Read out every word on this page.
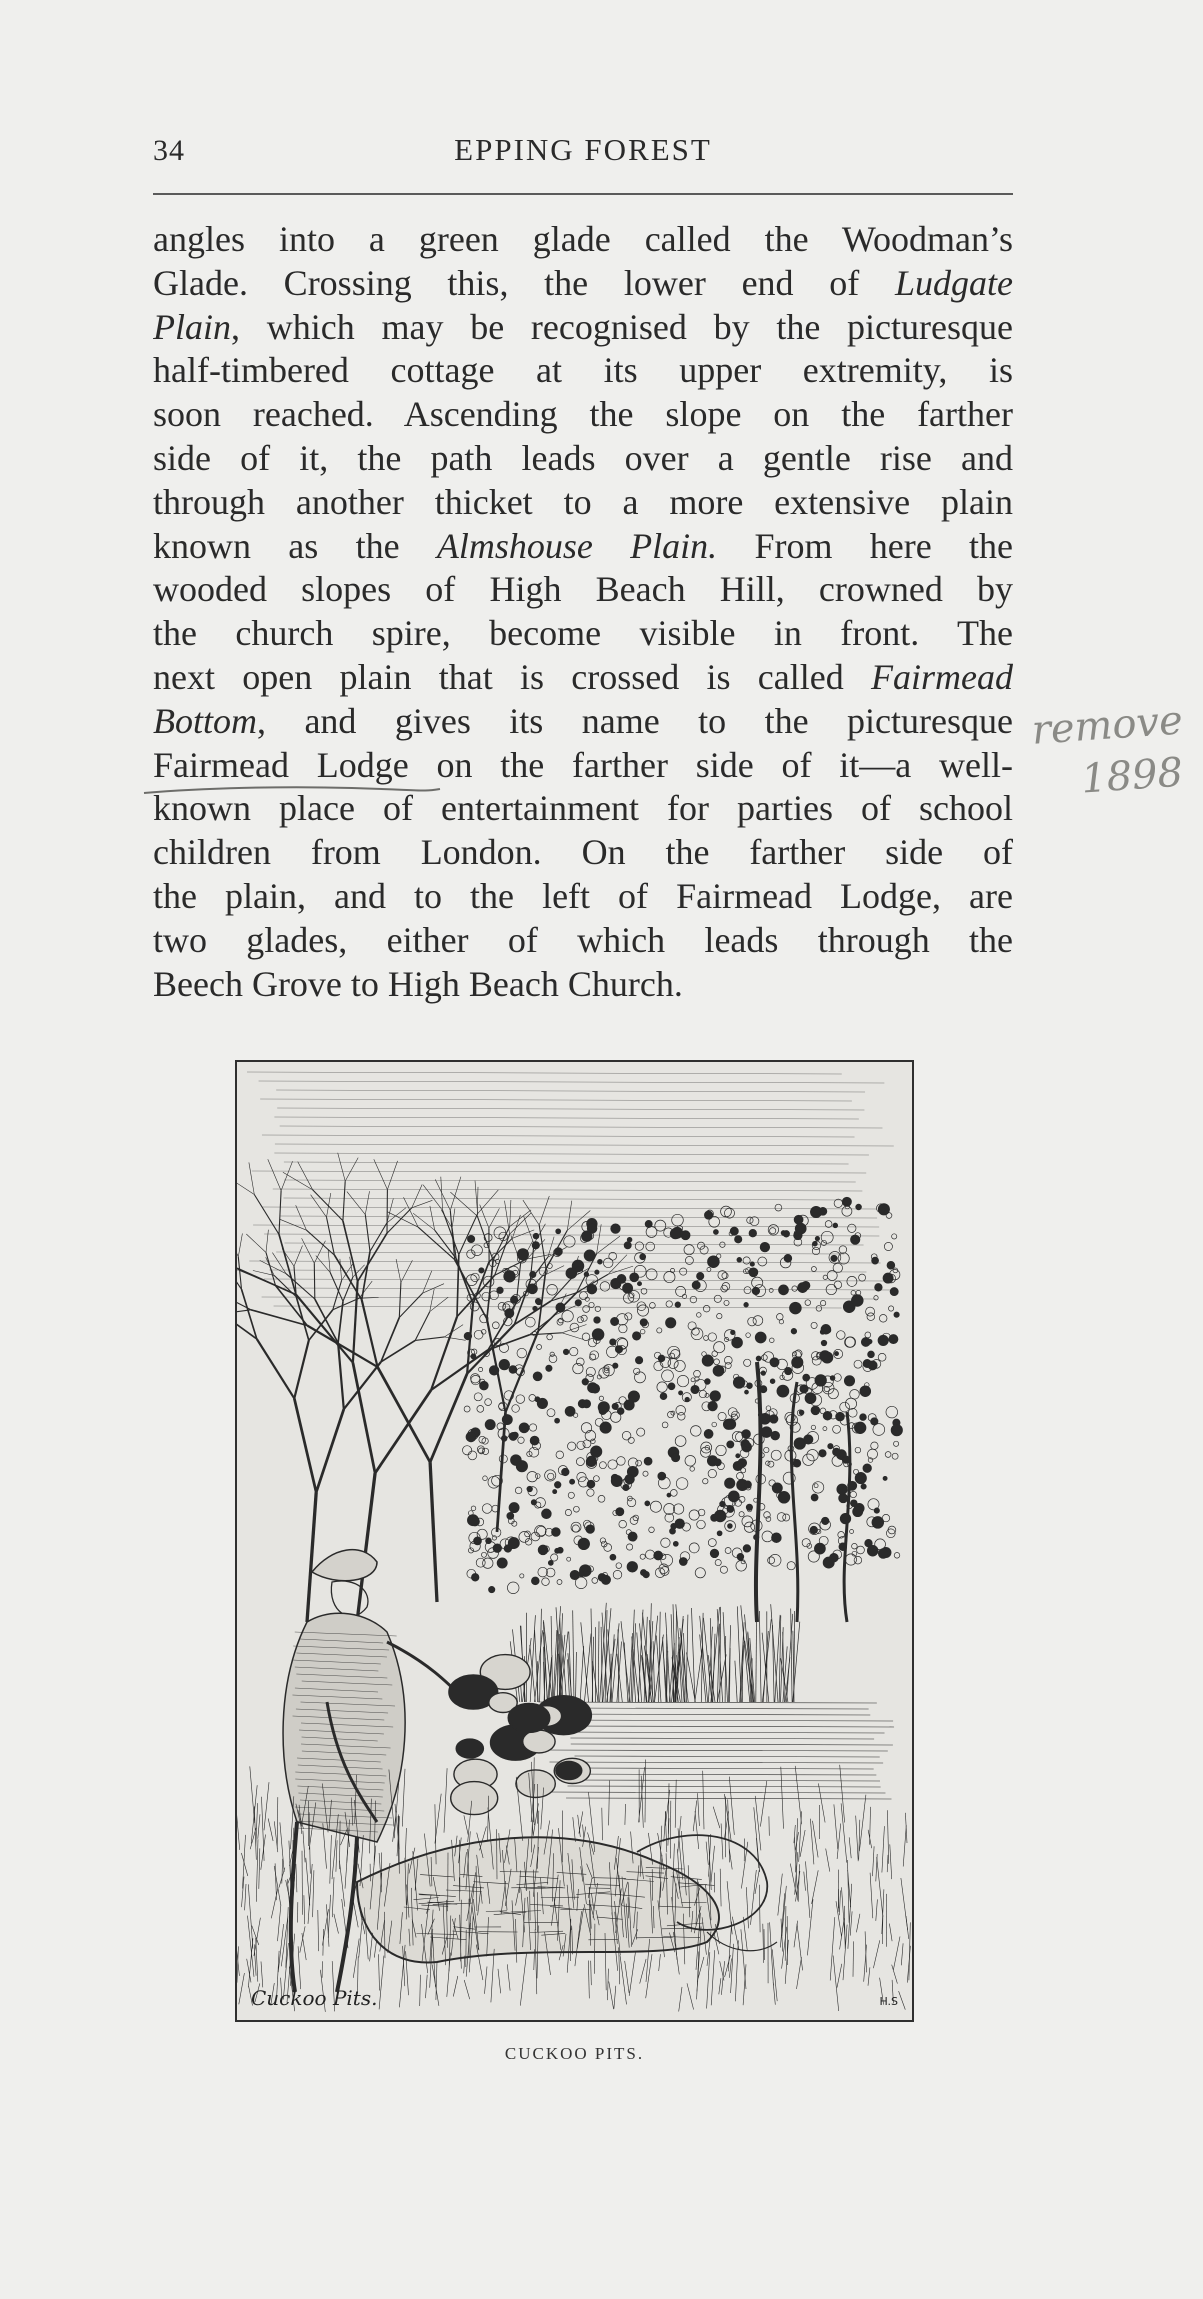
34	EPPING FOREST
angles into a green glade called the Woodman’s
Glade. Crossing this, the lower end of Ludgate
Plain, which may be recognised by the picturesque
half-timbered cottage at its upper extremity, is
soon reached. Ascending the slope on the farther
side of it, the path leads over a gentle rise and
through another thicket to a more extensive plain
known as the Almshouse Plain. From here the
wooded slopes of High Beach Hill, crowned by
the church spire, become visible in front. The
next open plain that is crossed is called Fairmead
Bottom, and gives its name to the picturesque
Fairmead Lodge on the farther side of it—a well-
known place of entertainment for parties of school
children from London. On the farther side of
the plain, and to the left of Fairmead Lodge, are
two glades, either of which leads through the
Beech Grove to High Beach Church.
remove
1898
Cuckoo Pits.	H.S
CUCKOO PITS.
